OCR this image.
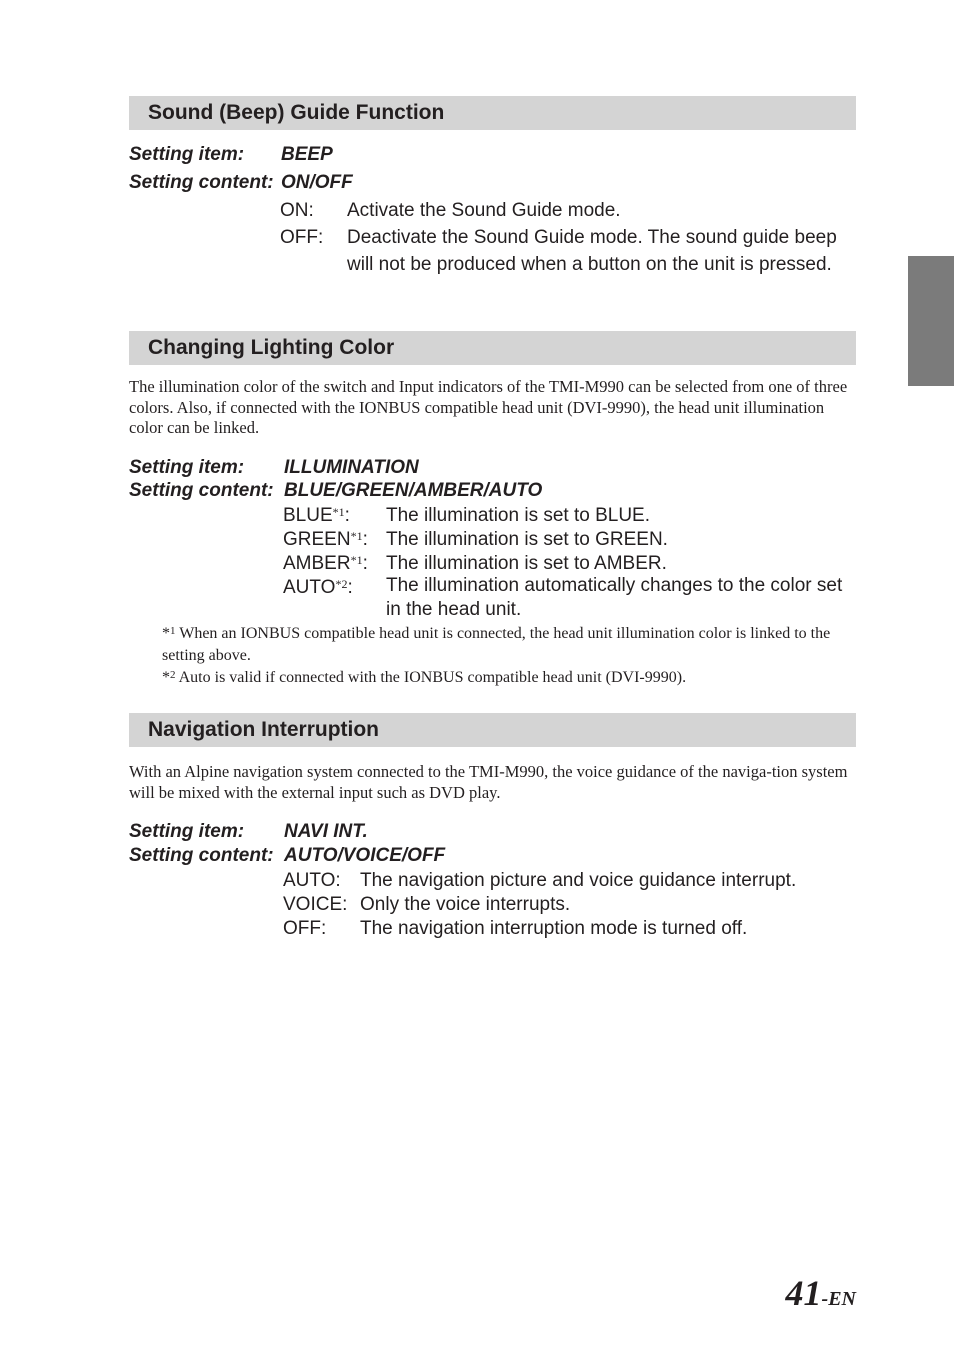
Sound (Beep) Guide Function
Setting item: BEEP
Setting content: ON/OFF
ON: Activate the Sound Guide mode.
OFF: Deactivate the Sound Guide mode. The sound guide beep will not be produced when a button on the unit is pressed.
Changing Lighting Color
The illumination color of the switch and Input indicators of the TMI-M990 can be selected from one of three colors. Also, if connected with the IONBUS compatible head unit (DVI-9990), the head unit illumination color can be linked.
Setting item: ILLUMINATION
Setting content: BLUE/GREEN/AMBER/AUTO
BLUE$^{*1}$: The illumination is set to BLUE.
GREEN$^{*1}$: The illumination is set to GREEN.
AMBER$^{*1}$: The illumination is set to AMBER.
AUTO$^{*2}$: The illumination automatically changes to the color set in the head unit.
*$^1$ When an IONBUS compatible head unit is connected, the head unit illumination color is linked to the setting above.
*$^2$ Auto is valid if connected with the IONBUS compatible head unit (DVI-9990).
Navigation Interruption
With an Alpine navigation system connected to the TMI-M990, the voice guidance of the naviga-tion system will be mixed with the external input such as DVD play.
Setting item: NAVI INT.
Setting content: AUTO/VOICE/OFF
AUTO: The navigation picture and voice guidance interrupt.
VOICE: Only the voice interrupts.
OFF: The navigation interruption mode is turned off.
41-EN
